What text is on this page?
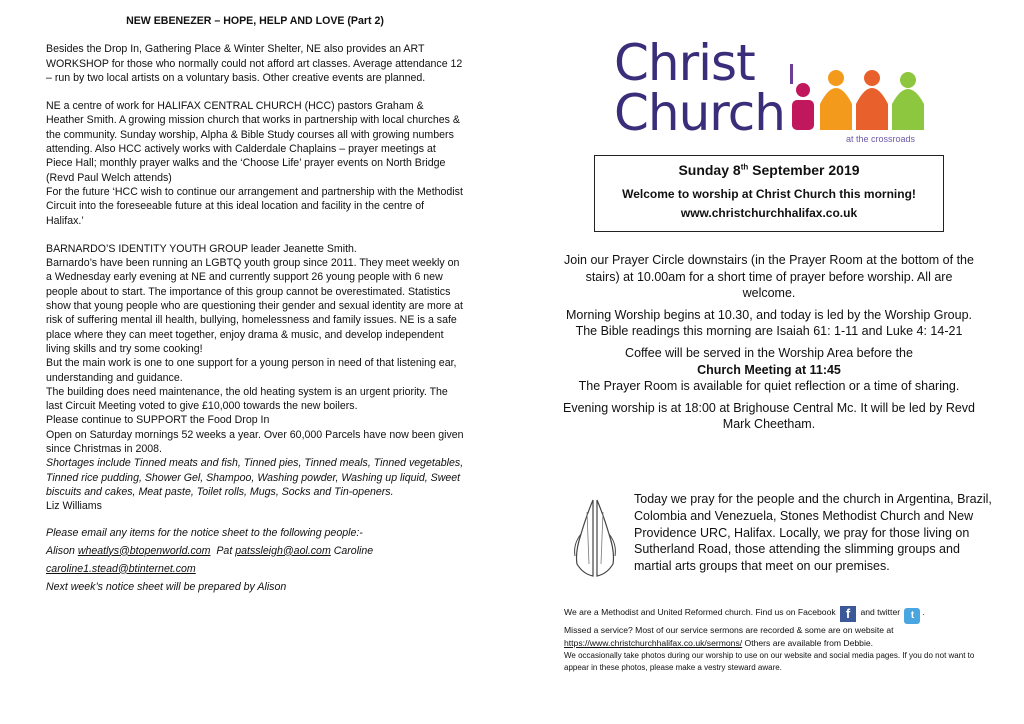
NEW EBENEZER – HOPE, HELP AND LOVE (Part 2)

Besides the Drop In, Gathering Place & Winter Shelter, NE also provides an ART WORKSHOP for those who normally could not afford art classes. Average attendance 12 – run by two local artists on a voluntary basis. Other creative events are planned.

NE a centre of work for HALIFAX CENTRAL CHURCH (HCC) pastors Graham & Heather Smith. A growing mission church that works in partnership with local churches & the community. Sunday worship, Alpha & Bible Study courses all with growing numbers attending. Also HCC actively works with Calderdale Chaplains – prayer meetings at Piece Hall; monthly prayer walks and the ‘Choose Life’ prayer events on North Bridge (Revd Paul Welch attends)

For the future ‘HCC wish to continue our arrangement and partnership with the Methodist Circuit into the foreseeable future at this ideal location and facility in the centre of Halifax.’

BARNARDO’S IDENTITY YOUTH GROUP leader Jeanette Smith.

Barnardo’s have been running an LGBTQ youth group since 2011. They meet weekly on a Wednesday early evening at NE and currently support 26 young people with 6 new people about to start. The importance of this group cannot be overestimated. Statistics show that young people who are questioning their gender and sexual identity are more at risk of suffering mental ill health, bullying, homelessness and family issues. NE is a safe place where they can meet together, enjoy drama & music, and develop independent living skills and try some cooking!

But the main work is one to one support for a young person in need of that listening ear, understanding and guidance.

The building does need maintenance, the old heating system is an urgent priority. The last Circuit Meeting voted to give £10,000 towards the new boilers.

Please continue to SUPPORT the Food Drop In

Open on Saturday mornings 52 weeks a year. Over 60,000 Parcels have now been given since Christmas in 2008.

Shortages include Tinned meats and fish, Tinned pies, Tinned meals, Tinned vegetables, Tinned rice pudding, Shower Gel, Shampoo, Washing powder, Washing up liquid, Sweet biscuits and cakes, Meat paste, Toilet rolls, Mugs, Socks and Tin-openers.

Liz Williams

Please email any items for the notice sheet to the following people:-

Alison wheatlys@btopenworld.com Pat patssleigh@aol.com Caroline

caroline1.stead@btinternet.com

Next week’s notice sheet will be prepared by Alison

Christ
Church	at the crossroads
Sunday 8th September 2019
Welcome to worship at Christ Church this morning!
www.christchurchhalifax.co.uk

Join our Prayer Circle downstairs (in the Prayer Room at the bottom of the stairs) at 10.00am for a short time of prayer before worship. All are welcome.

Morning Worship begins at 10.30, and today is led by the Worship Group.

The Bible readings this morning are Isaiah 61: 1-11 and Luke 4: 14-21

Coffee will be served in the Worship Area before the
Church Meeting at 11:45

The Prayer Room is available for quiet reflection or a time of sharing.

Evening worship is at 18:00 at Brighouse Central Mc. It will be led by Revd Mark Cheetham.

Today we pray for the people and the church in Argentina, Brazil, Colombia and Venezuela, Stones Methodist Church and New Providence URC, Halifax. Locally, we pray for those living on Sutherland Road, those attending the slimming groups and martial arts groups that meet on our premises.
We are a Methodist and United Reformed church. Find us on Facebook f and twitter t .
Missed a service? Most of our service sermons are recorded & some are on website at
https://www.christchurchhalifax.co.uk/sermons/ Others are available from Debbie.
We occasionally take photos during our worship to use on our website and social media pages. If you do not want to appear in these photos, please make a vestry steward aware.
